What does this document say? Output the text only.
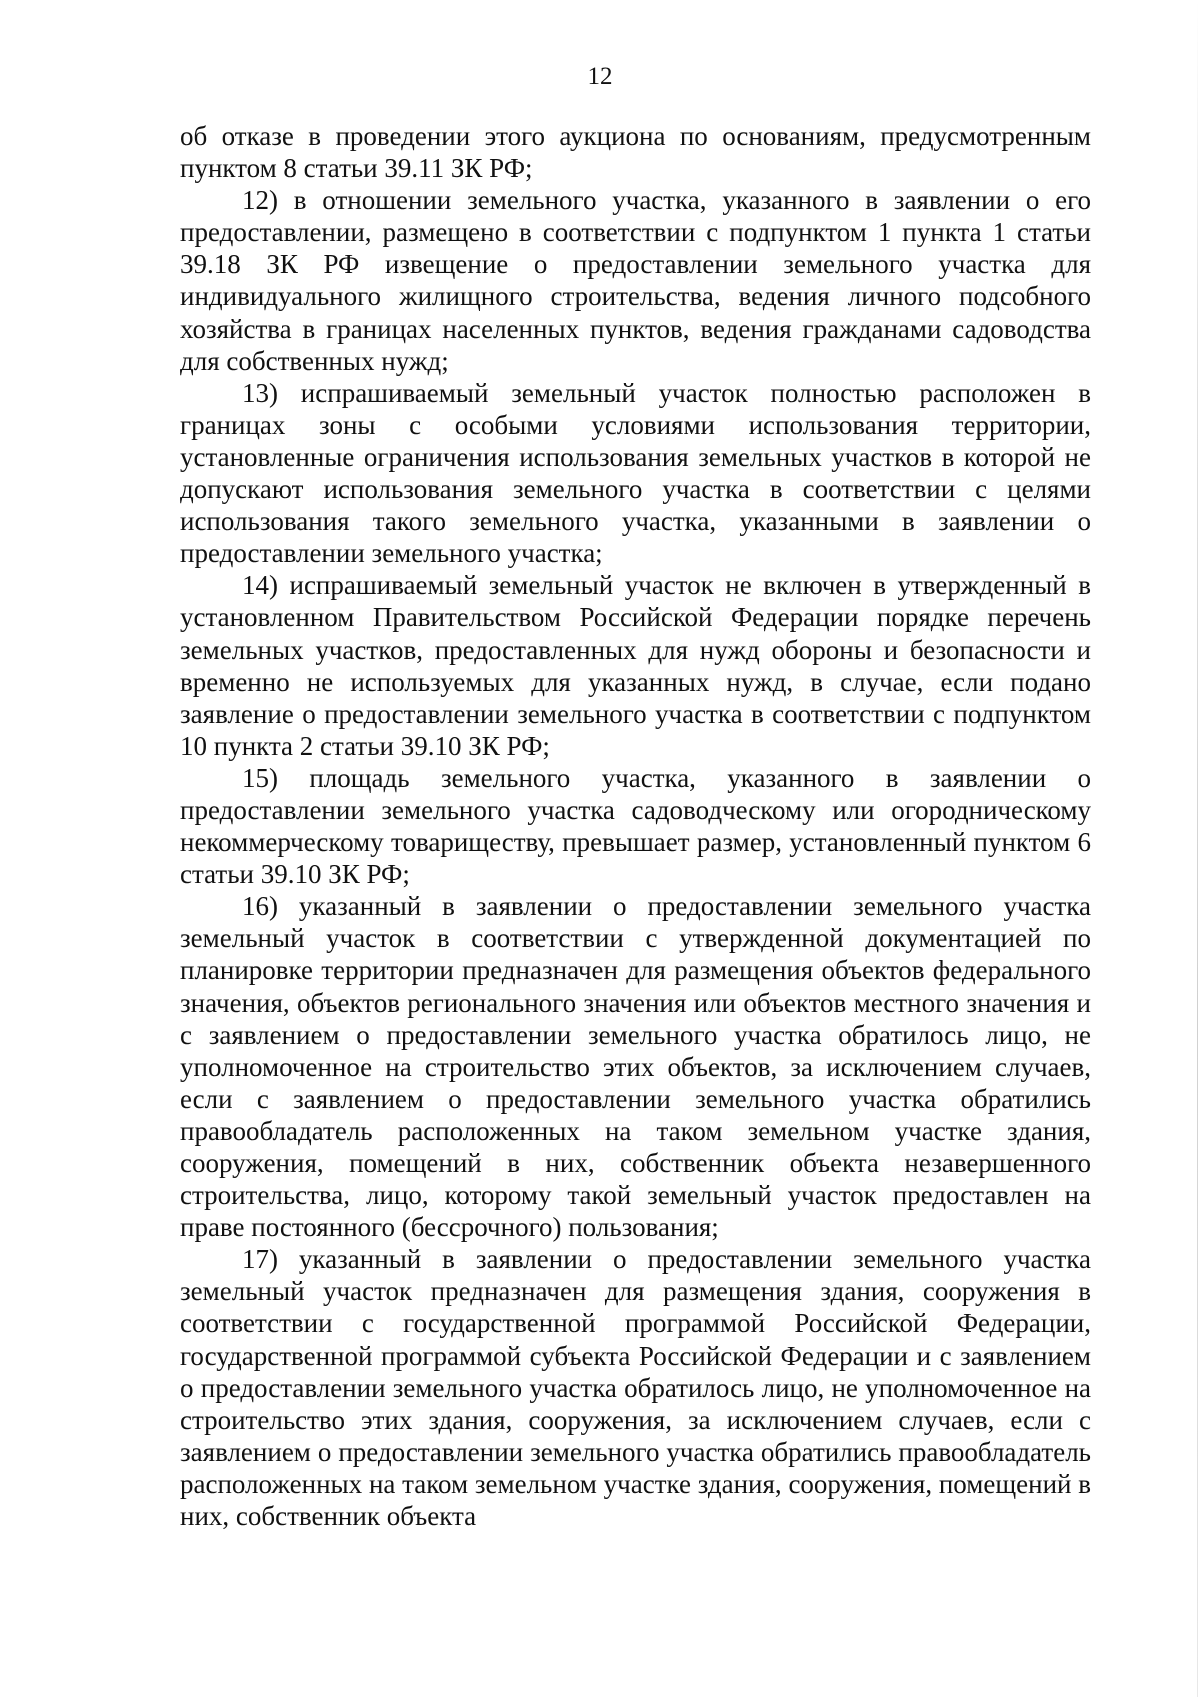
12

об отказе в проведении этого аукциона по основаниям, предусмотренным пунктом 8 статьи 39.11 ЗК РФ;

12) в отношении земельного участка, указанного в заявлении о его предоставлении, размещено в соответствии с подпунктом 1 пункта 1 статьи 39.18 ЗК РФ извещение о предоставлении земельного участка для индивидуального жилищного строительства, ведения личного подсобного хозяйства в границах населенных пунктов, ведения гражданами садоводства для собственных нужд;

13) испрашиваемый земельный участок полностью расположен в границах зоны с особыми условиями использования территории, установленные ограничения использования земельных участков в которой не допускают использования земельного участка в соответствии с целями использования такого земельного участка, указанными в заявлении о предоставлении земельного участка;

14) испрашиваемый земельный участок не включен в утвержденный в установленном Правительством Российской Федерации порядке перечень земельных участков, предоставленных для нужд обороны и безопасности и временно не используемых для указанных нужд, в случае, если подано заявление о предоставлении земельного участка в соответствии с подпунктом 10 пункта 2 статьи 39.10 ЗК РФ;

15) площадь земельного участка, указанного в заявлении о предоставлении земельного участка садоводческому или огородническому некоммерческому товариществу, превышает размер, установленный пунктом 6 статьи 39.10 ЗК РФ;

16) указанный в заявлении о предоставлении земельного участка земельный участок в соответствии с утвержденной документацией по планировке территории предназначен для размещения объектов федерального значения, объектов регионального значения или объектов местного значения и с заявлением о предоставлении земельного участка обратилось лицо, не уполномоченное на строительство этих объектов, за исключением случаев, если с заявлением о предоставлении земельного участка обратились правообладатель расположенных на таком земельном участке здания, сооружения, помещений в них, собственник объекта незавершенного строительства, лицо, которому такой земельный участок предоставлен на праве постоянного (бессрочного) пользования;

17) указанный в заявлении о предоставлении земельного участка земельный участок предназначен для размещения здания, сооружения в соответствии с государственной программой Российской Федерации, государственной программой субъекта Российской Федерации и с заявлением о предоставлении земельного участка обратилось лицо, не уполномоченное на строительство этих здания, сооружения, за исключением случаев, если с заявлением о предоставлении земельного участка обратились правообладатель расположенных на таком земельном участке здания, сооружения, помещений в них, собственник объекта
